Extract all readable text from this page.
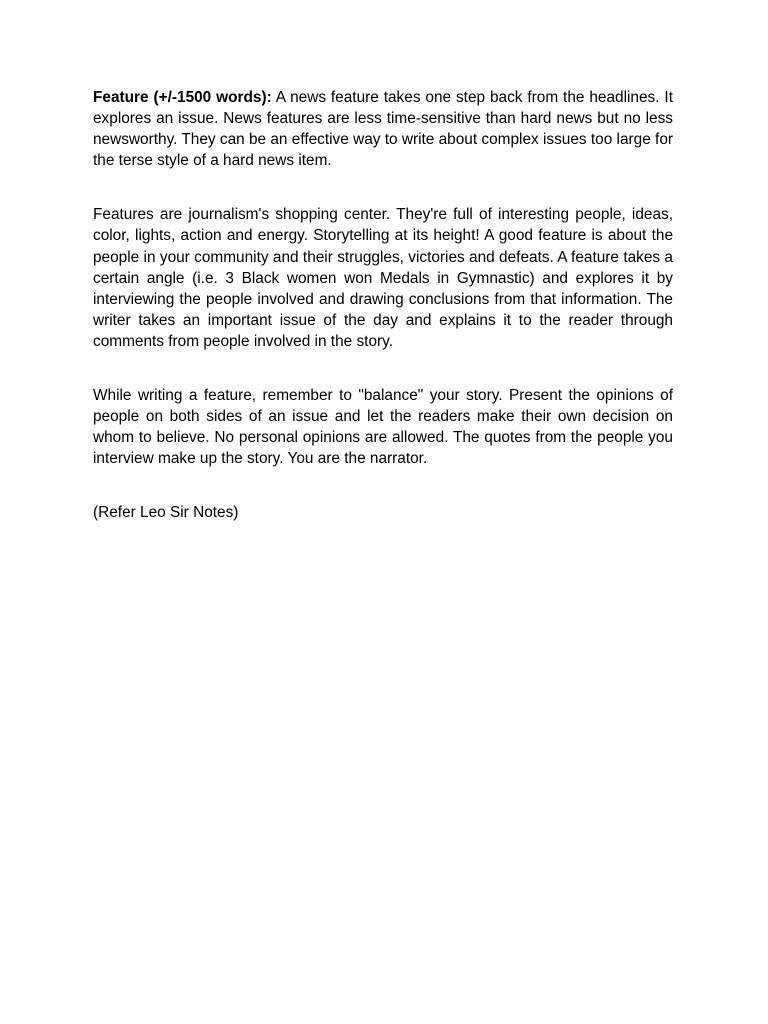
Feature (+/-1500 words): A news feature takes one step back from the headlines. It explores an issue. News features are less time-sensitive than hard news but no less newsworthy. They can be an effective way to write about complex issues too large for the terse style of a hard news item.

Features are journalism's shopping center. They're full of interesting people, ideas, color, lights, action and energy. Storytelling at its height! A good feature is about the people in your community and their struggles, victories and defeats. A feature takes a certain angle (i.e. 3 Black women won Medals in Gymnastic) and explores it by interviewing the people involved and drawing conclusions from that information. The writer takes an important issue of the day and explains it to the reader through comments from people involved in the story.

While writing a feature, remember to "balance" your story. Present the opinions of people on both sides of an issue and let the readers make their own decision on whom to believe. No personal opinions are allowed. The quotes from the people you interview make up the story. You are the narrator.

(Refer Leo Sir Notes)
